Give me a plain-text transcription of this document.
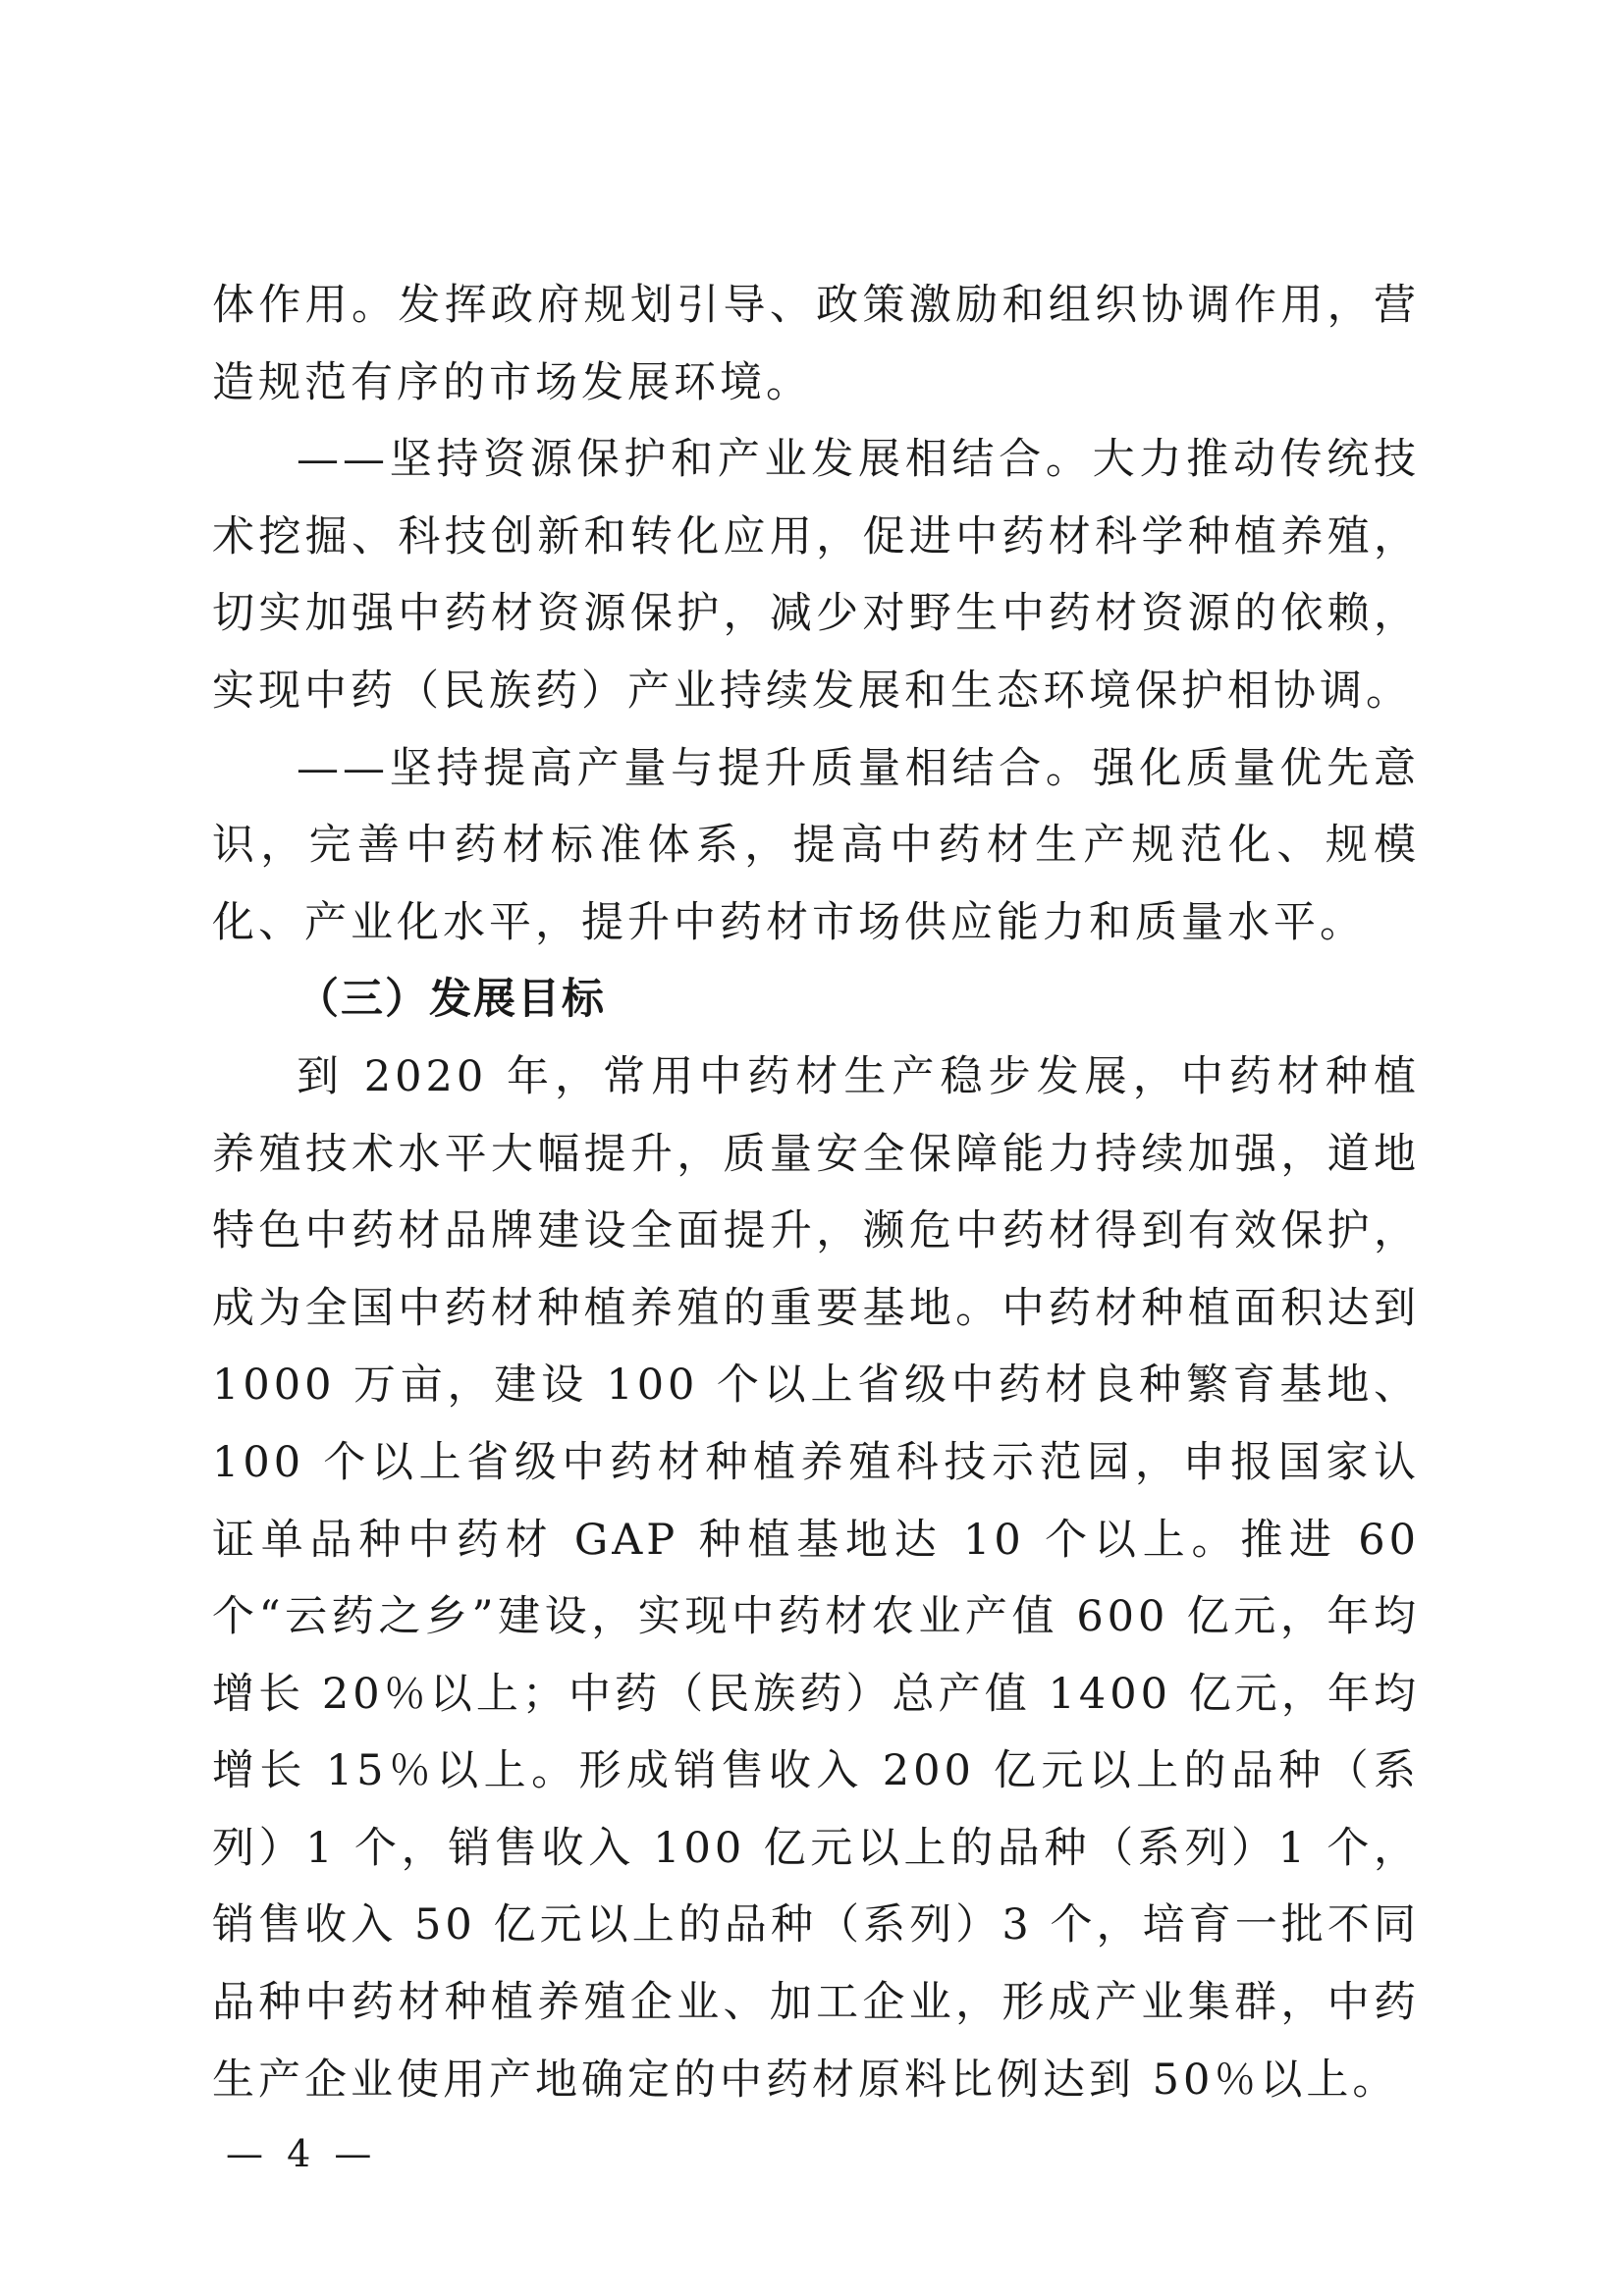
体作用。发挥政府规划引导、政策激励和组织协调作用，营造规范有序的市场发展环境。

——坚持资源保护和产业发展相结合。大力推动传统技术挖掘、科技创新和转化应用，促进中药材科学种植养殖，切实加强中药材资源保护，减少对野生中药材资源的依赖，实现中药（民族药）产业持续发展和生态环境保护相协调。

——坚持提高产量与提升质量相结合。强化质量优先意识，完善中药材标准体系，提高中药材生产规范化、规模化、产业化水平，提升中药材市场供应能力和质量水平。

（三）发展目标

到 2020 年，常用中药材生产稳步发展，中药材种植养殖技术水平大幅提升，质量安全保障能力持续加强，道地特色中药材品牌建设全面提升，濒危中药材得到有效保护，成为全国中药材种植养殖的重要基地。中药材种植面积达到 1000 万亩，建设 100 个以上省级中药材良种繁育基地、100 个以上省级中药材种植养殖科技示范园，申报国家认证单品种中药材 GAP 种植基地达 10 个以上。推进 60 个“云药之乡”建设，实现中药材农业产值 600 亿元，年均增长 20％以上；中药（民族药）总产值 1400 亿元，年均增长 15％以上。形成销售收入 200 亿元以上的品种（系列）1 个，销售收入 100 亿元以上的品种（系列）1 个，销售收入 50 亿元以上的品种（系列）3 个，培育一批不同品种中药材种植养殖企业、加工企业，形成产业集群，中药生产企业使用产地确定的中药材原料比例达到 50％以上。

— 4 —
